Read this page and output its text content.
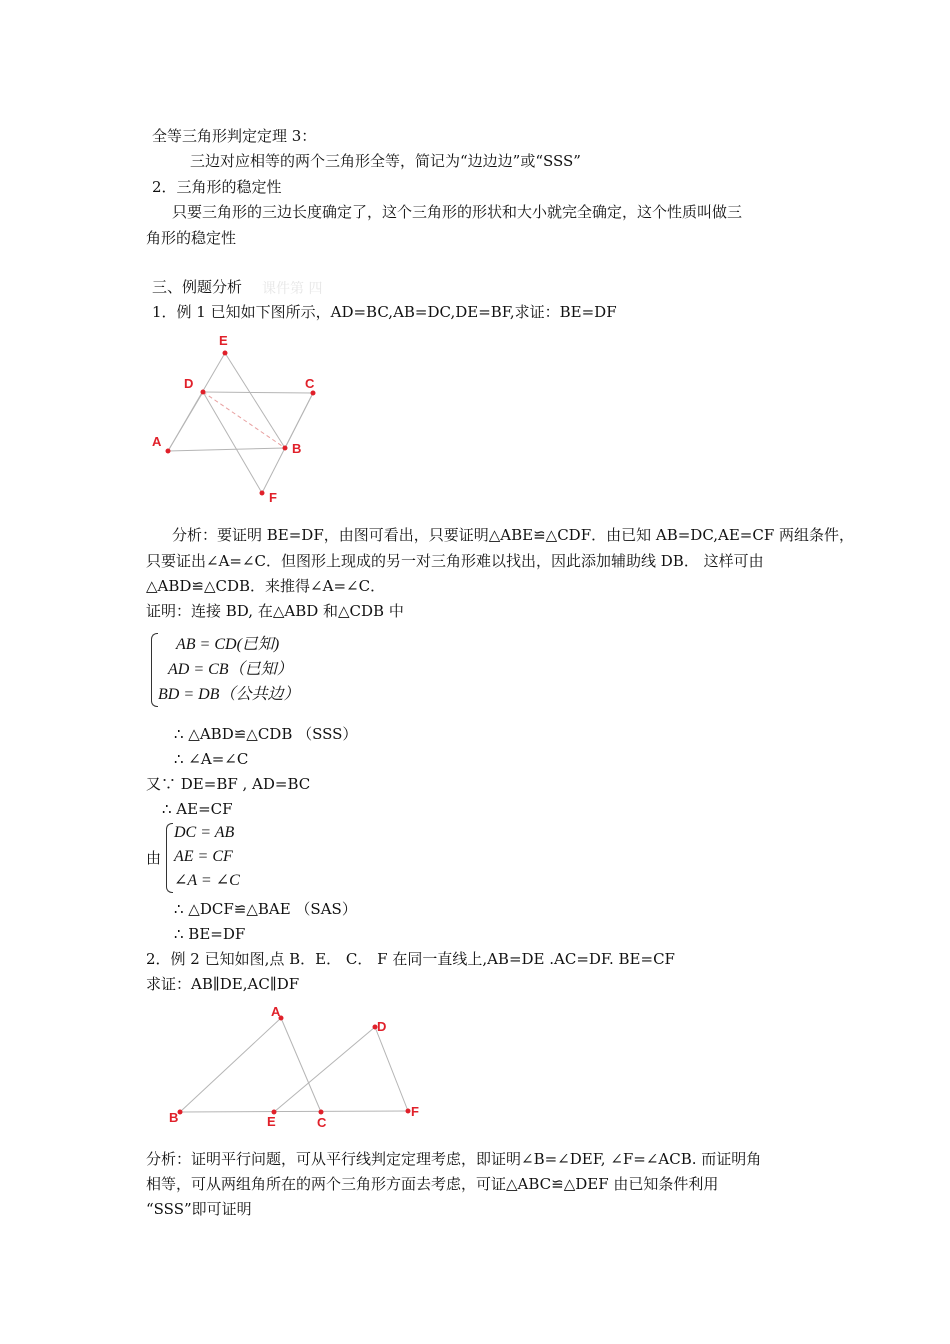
全等三角形判定定理 3：
三边对应相等的两个三角形全等，简记为“边边边”或“SSS”
2．三角形的稳定性
只要三角形的三边长度确定了，这个三角形的形状和大小就完全确定，这个性质叫做三
角形的稳定性
三、例题分析 课件第 四
1．例 1 已知如下图所示，AD=BC,AB=DC,DE=BF,求证：BE=DF
E
D	C
A	B
F
分析：要证明 BE=DF，由图可看出，只要证明△ABE≌△CDF．由已知 AB=DC,AE=CF 两组条件，
只要证出∠A=∠C．但图形上现成的另一对三角形难以找出，因此添加辅助线 DB． 这样可由
△ABD≌△CDB．来推得∠A=∠C．
证明：连接 BD, 在△ABD 和△CDB 中
AB = CD(已知)
AD = CB（已知）
BD = DB（公共边）
∴ △ABD≌△CDB （SSS）
∴ ∠A=∠C
又∵ DE=BF , AD=BC
∴ AE=CF
由
DC = AB
AE = CF
∠A = ∠C
∴ △DCF≌△BAE （SAS）
∴ BE=DF
2．例 2 已知如图,点 B．E． C． F 在同一直线上,AB=DE .AC=DF. BE=CF
求证：AB∥DE,AC∥DF
A
D
B	E	C
F
分析：证明平行问题，可从平行线判定定理考虑，即证明∠B=∠DEF, ∠F=∠ACB. 而证明角
相等，可从两组角所在的两个三角形方面去考虑，可证△ABC≌△DEF 由已知条件利用
“SSS”即可证明
